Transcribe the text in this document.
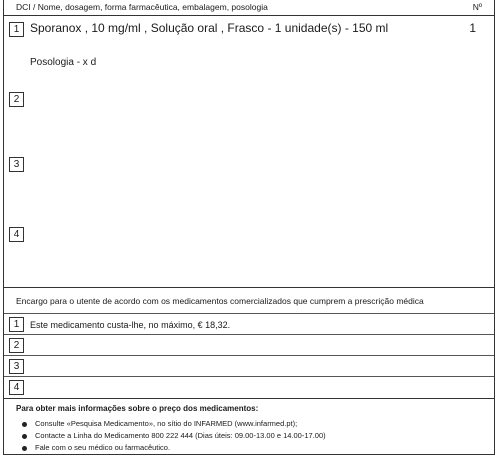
DCI / Nome, dosagem, forma farmacêutica, embalagem, posologia	Nº
1 Sporanox , 10 mg/ml , Solução oral , Frasco - 1 unidade(s) - 150 ml	1
Posologia - x d
2
3
4
Encargo para o utente de acordo com os medicamentos comercializados que cumprem a prescrição médica
1	Este medicamento custa-lhe, no máximo, € 18,32.
2
3
4
Para obter mais informações sobre o preço dos medicamentos:
Consulte «Pesquisa Medicamento», no sítio do INFARMED (www.infarmed.pt);
Contacte a Linha do Medicamento 800 222 444 (Dias úteis: 09.00-13.00 e 14.00-17.00)
Fale com o seu médico ou farmacêutico.
